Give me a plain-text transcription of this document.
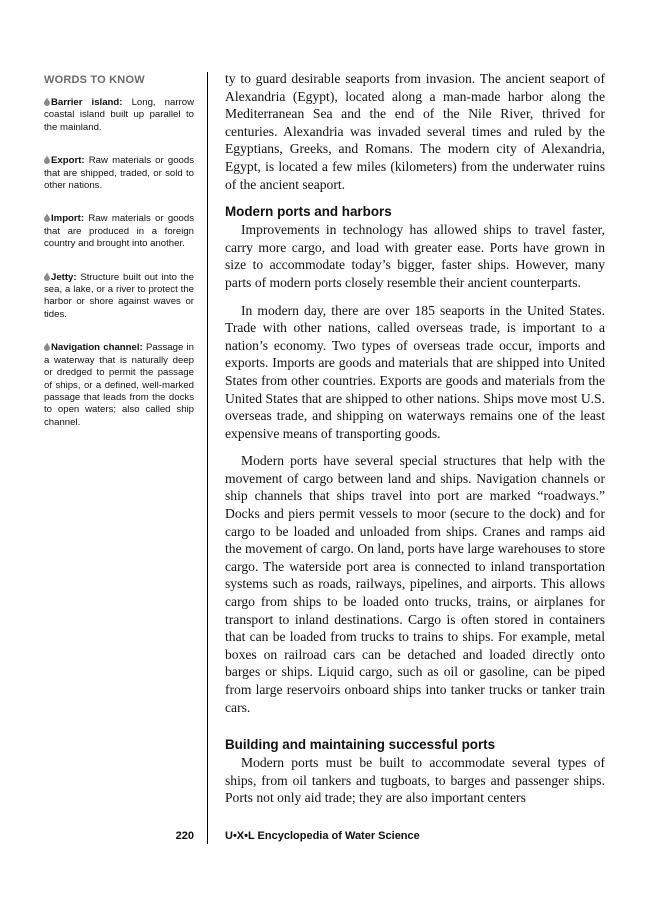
WORDS TO KNOW
Barrier island: Long, narrow coastal island built up parallel to the mainland.
Export: Raw materials or goods that are shipped, traded, or sold to other nations.
Import: Raw materials or goods that are produced in a foreign country and brought into another.
Jetty: Structure built out into the sea, a lake, or a river to protect the harbor or shore against waves or tides.
Navigation channel: Passage in a waterway that is naturally deep or dredged to permit the passage of ships, or a defined, well-marked passage that leads from the docks to open waters; also called ship channel.

ty to guard desirable seaports from invasion. The ancient seaport of Alexandria (Egypt), located along a man-made harbor along the Mediterranean Sea and the end of the Nile River, thrived for centuries. Alexandria was invaded several times and ruled by the Egyptians, Greeks, and Romans. The modern city of Alexandria, Egypt, is located a few miles (kilometers) from the underwater ruins of the ancient seaport.

Modern ports and harbors

Improvements in technology has allowed ships to travel faster, carry more cargo, and load with greater ease. Ports have grown in size to accommodate today’s bigger, faster ships. However, many parts of modern ports closely resemble their ancient counterparts.

In modern day, there are over 185 seaports in the United States. Trade with other nations, called overseas trade, is important to a nation’s economy. Two types of overseas trade occur, imports and exports. Imports are goods and materials that are shipped into United States from other countries. Exports are goods and materials from the United States that are shipped to other nations. Ships move most U.S. overseas trade, and shipping on waterways remains one of the least expensive means of transporting goods.

Modern ports have several special structures that help with the movement of cargo between land and ships. Navigation channels or ship channels that ships travel into port are marked “roadways.” Docks and piers permit vessels to moor (secure to the dock) and for cargo to be loaded and unloaded from ships. Cranes and ramps aid the movement of cargo. On land, ports have large warehouses to store cargo. The waterside port area is connected to inland transportation systems such as roads, railways, pipelines, and airports. This allows cargo from ships to be loaded onto trucks, trains, or airplanes for transport to inland destinations. Cargo is often stored in containers that can be loaded from trucks to trains to ships. For example, metal boxes on railroad cars can be detached and loaded directly onto barges or ships. Liquid cargo, such as oil or gasoline, can be piped from large reservoirs onboard ships into tanker trucks or tanker train cars.

Building and maintaining successful ports

Modern ports must be built to accommodate several types of ships, from oil tankers and tugboats, to barges and passenger ships. Ports not only aid trade; they are also important centers

220	U•X•L Encyclopedia of Water Science
